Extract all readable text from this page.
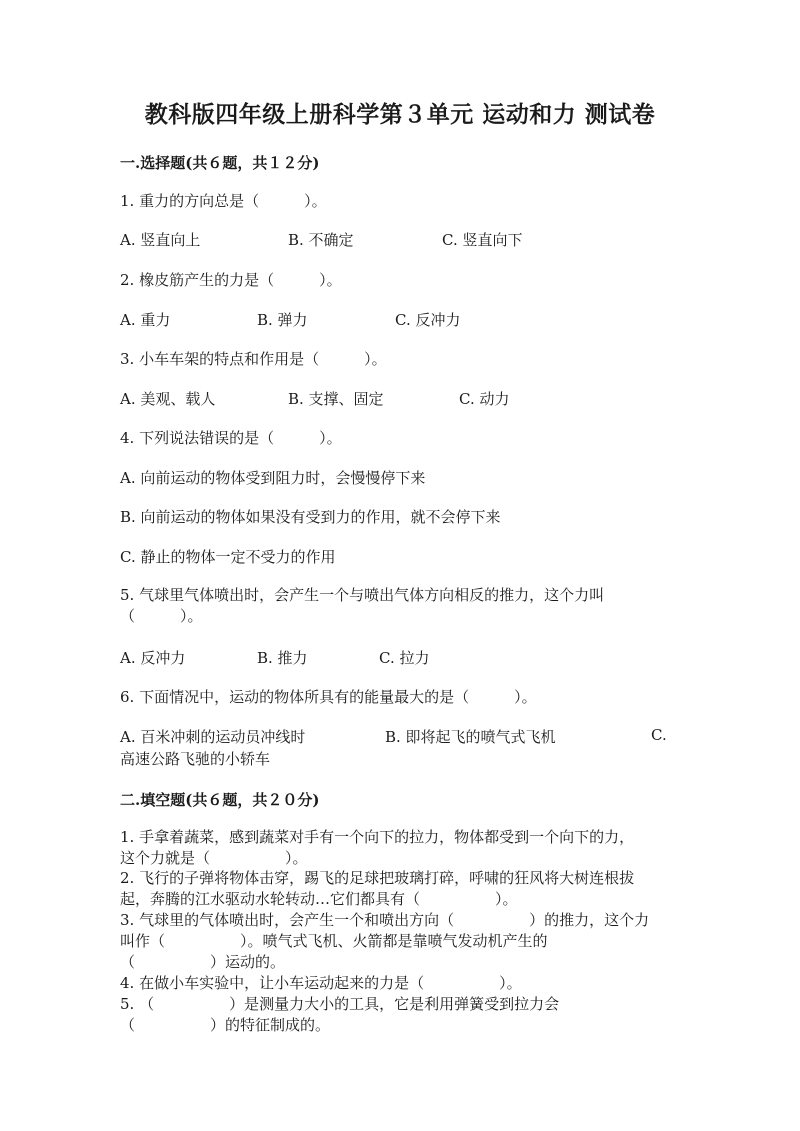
教科版四年级上册科学第３单元 运动和力 测试卷
一.选择题(共６题，共１２分)
1. 重力的方向总是（　　　）。
A. 竖直向上	B. 不确定	C. 竖直向下
2. 橡皮筋产生的力是（　　　）。
A. 重力	B. 弹力	C. 反冲力
3. 小车车架的特点和作用是（　　　）。
A. 美观、载人	B. 支撑、固定	C. 动力
4. 下列说法错误的是（　　　）。
A. 向前运动的物体受到阻力时，会慢慢停下来
B. 向前运动的物体如果没有受到力的作用，就不会停下来
C. 静止的物体一定不受力的作用
5. 气球里气体喷出时，会产生一个与喷出气体方向相反的推力，这个力叫
（　　　）。
A. 反冲力	B. 推力	C. 拉力
6. 下面情况中，运动的物体所具有的能量最大的是（　　　）。
A. 百米冲刺的运动员冲线时	B. 即将起飞的喷气式飞机	C.
高速公路飞驰的小轿车
二.填空题(共６题，共２０分)
1. 手拿着蔬菜，感到蔬菜对手有一个向下的拉力，物体都受到一个向下的力，
这个力就是（　　　　　）。
2. 飞行的子弹将物体击穿，踢飞的足球把玻璃打碎，呼啸的狂风将大树连根拔
起，奔腾的江水驱动水轮转动…它们都具有（　　　　　）。
3. 气球里的气体喷出时，会产生一个和喷出方向（　　　　　）的推力，这个力
叫作（　　　　　）。喷气式飞机、火箭都是靠喷气发动机产生的
（　　　　　）运动的。
4. 在做小车实验中，让小车运动起来的力是（　　　　　）。
5. （　　　　　）是测量力大小的工具，它是利用弹簧受到拉力会
（　　　　　）的特征制成的。
